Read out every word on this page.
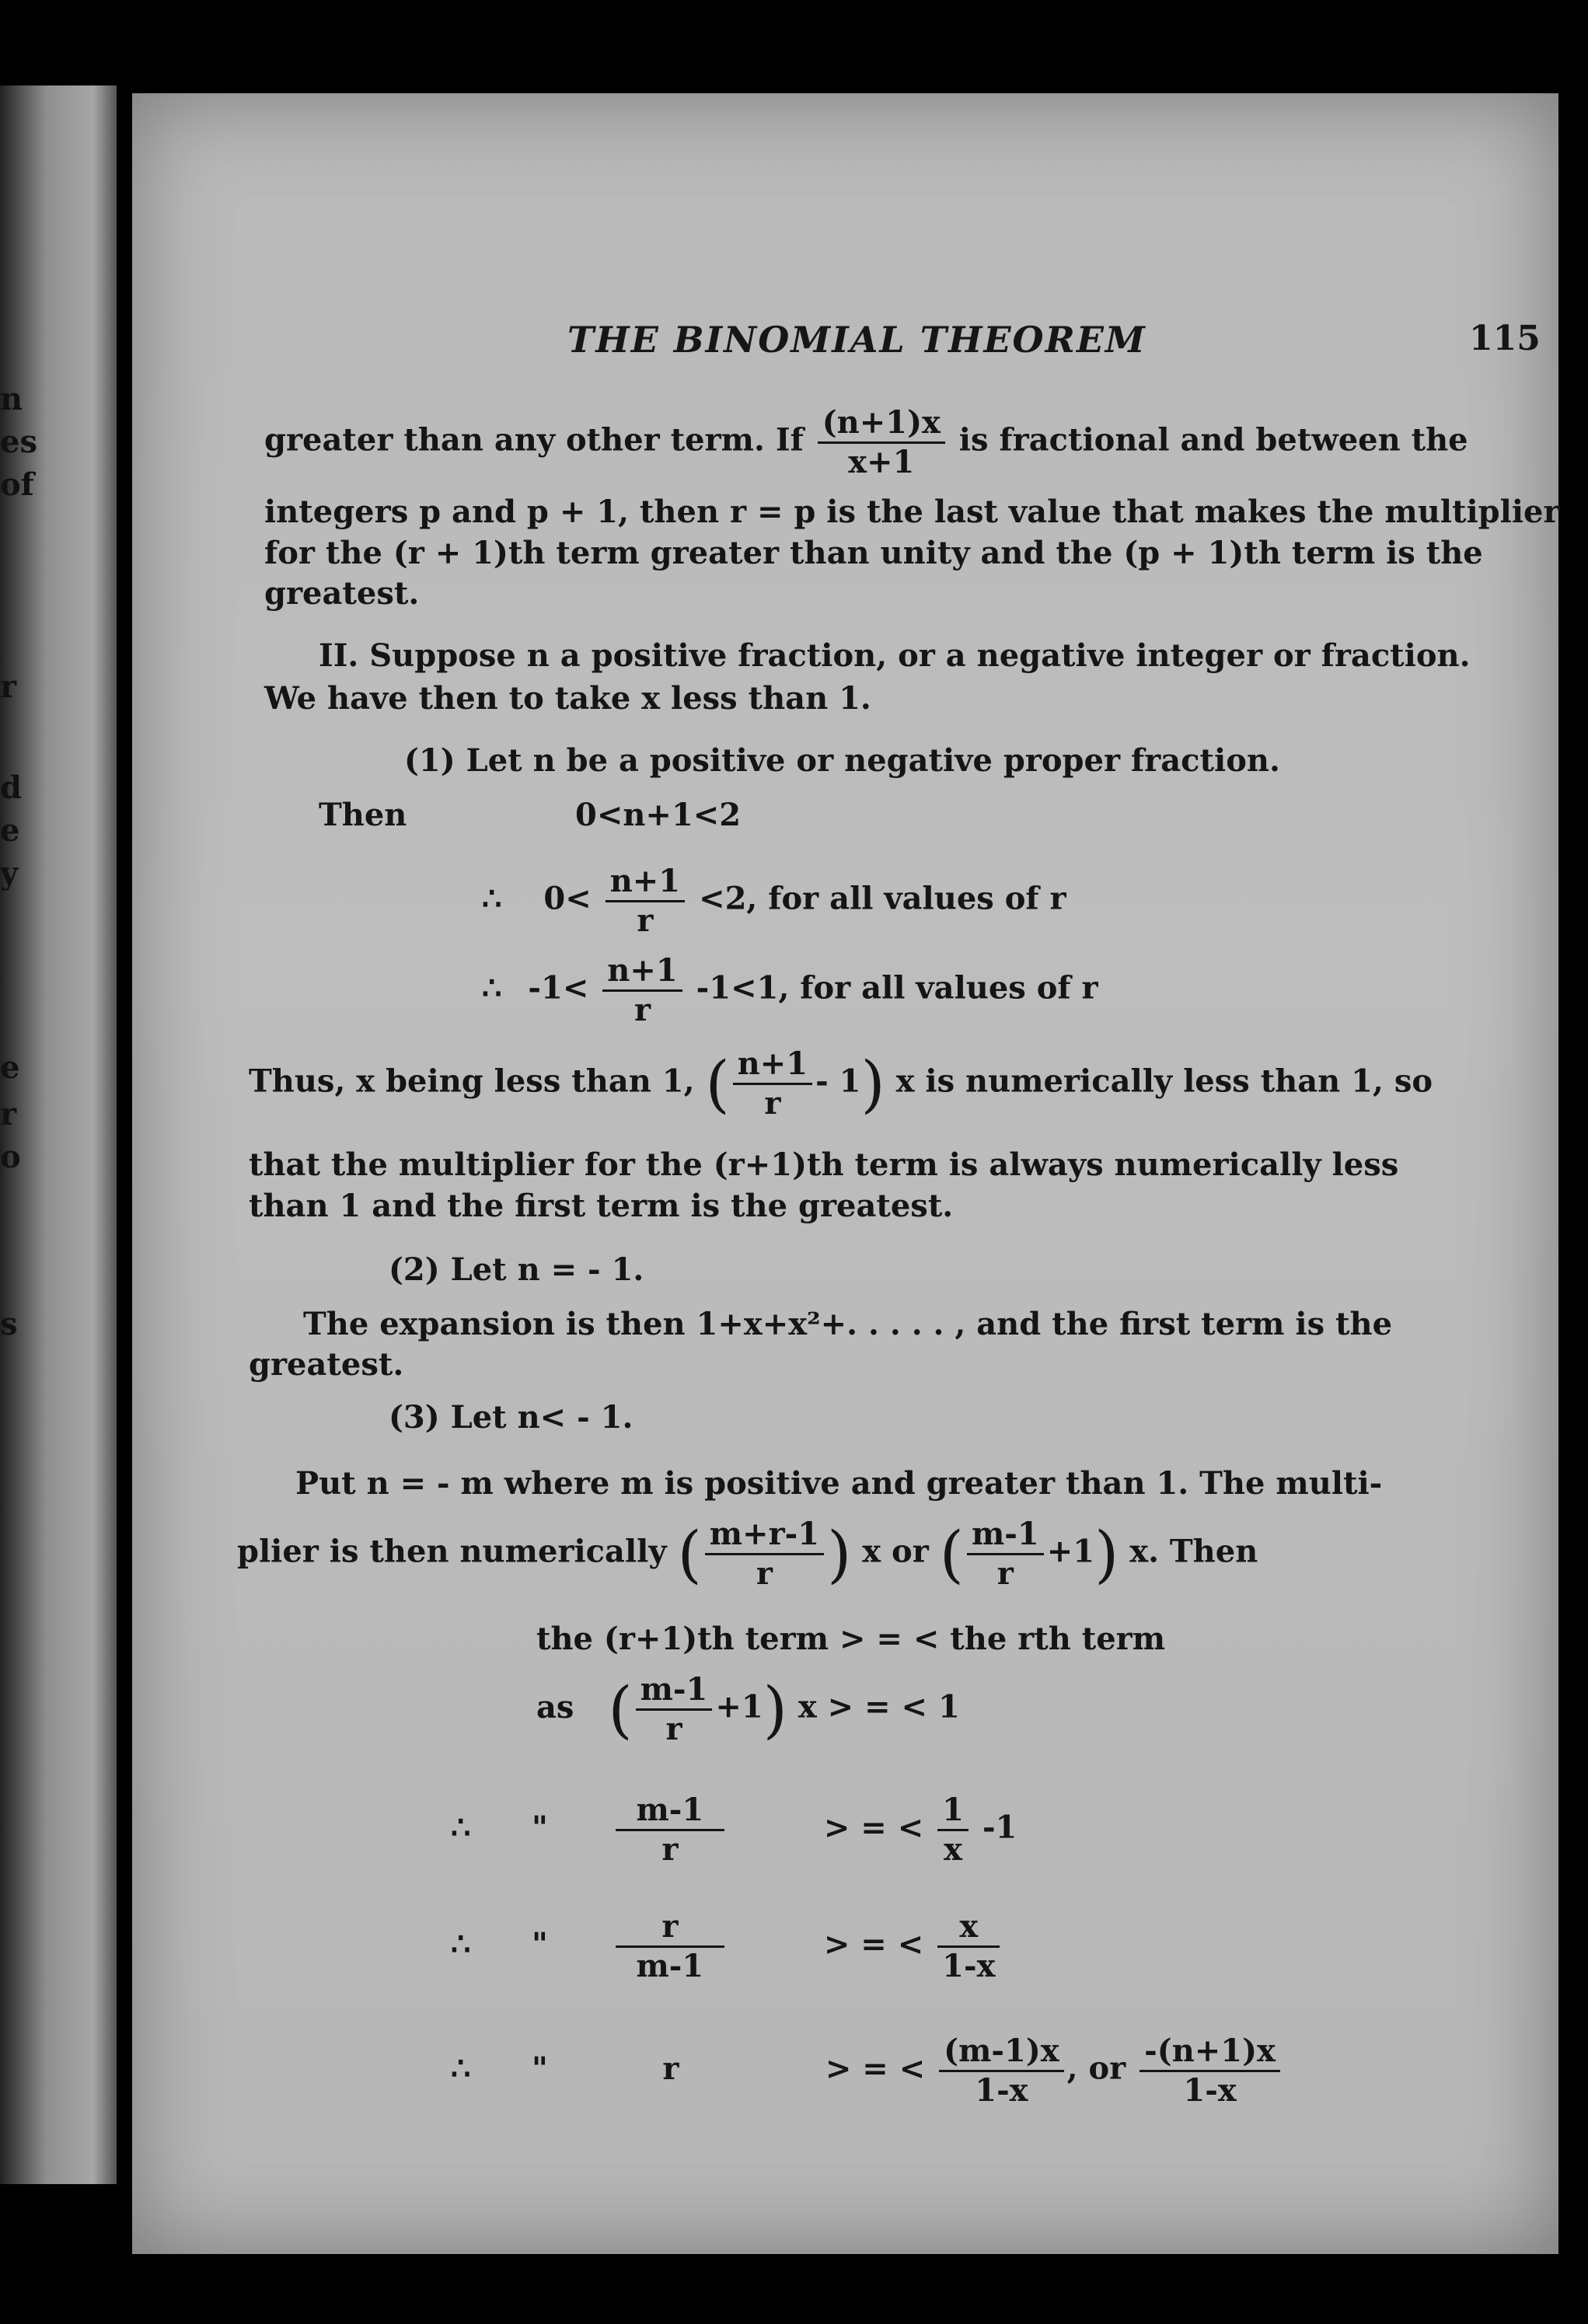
n
es
of
r
d
e
y
e
r
o
s
THE BINOMIAL THEOREM	115
greater than any other term. If $\frac{(n+1)x}{x+1}$ is fractional and between the
integers p and p + 1, then r = p is the last value that makes the multiplier
for the (r + 1)th term greater than unity and the (p + 1)th term is the
greatest.
II. Suppose n a positive fraction, or a negative integer or fraction.
We have then to take x less than 1.
(1) Let n be a positive or negative proper fraction.
Then	0<n+1<2
∴ $0< \frac{n+1}{r} <2$, for all values of r
∴ $-1< \frac{n+1}{r} -1<1$, for all values of r
Thus, x being less than 1, ( $\frac{n+1}{r} - 1$) x is numerically less than 1, so
that the multiplier for the (r+1)th term is always numerically less
than 1 and the first term is the greatest.
(2) Let n = - 1.
The expansion is then 1+x+x²+. . . . . , and the first term is the
greatest.
(3) Let n< - 1.
Put n = - m where m is positive and greater than 1. The multi-
plier is then numerically ( $\frac{m+r-1}{r}$ ) x or ( $\frac{m-1}{r} +1$) x. Then
the (r+1)th term > = < the rth term
as ( $\frac{m-1}{r} +1$) x > = < 1
∴ " $\frac{m-1}{r}$	> = < $\frac{1}{x} -1$
∴ " $\frac{r}{m-1}$	> = < $\frac{x}{1-x}$
∴ "	r	> = < $\frac{(m-1)x}{1-x}$ , or $\frac{-(n+1)x}{1-x}$
